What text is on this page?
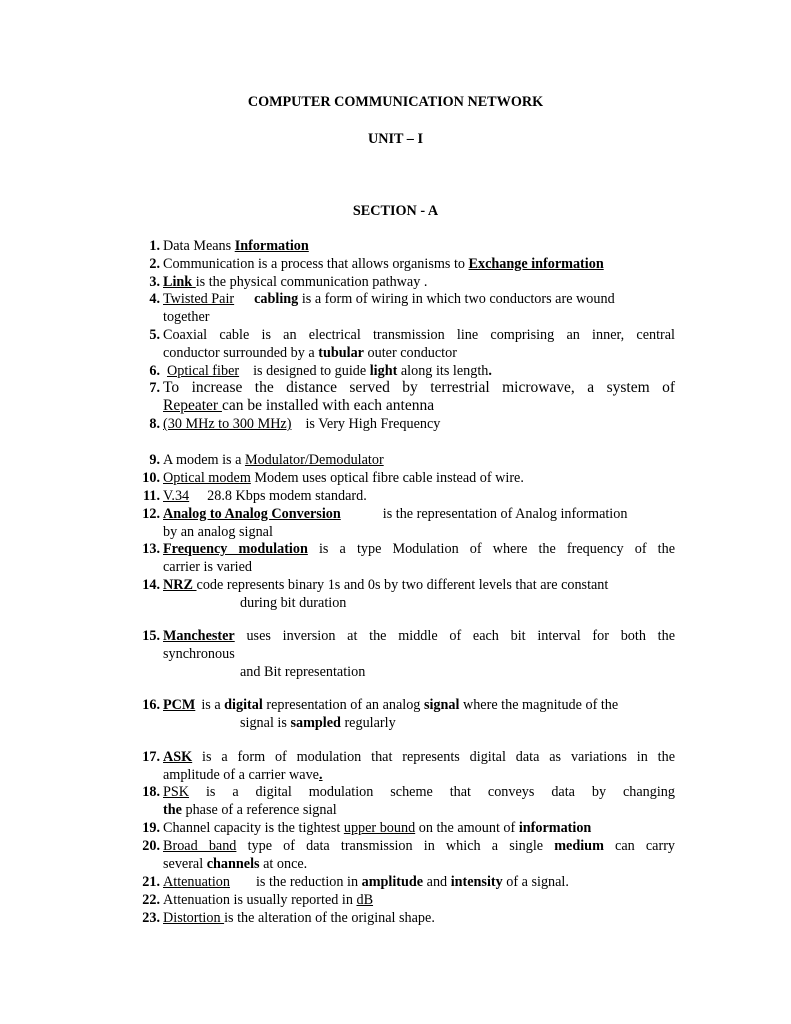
COMPUTER COMMUNICATION NETWORK
UNIT – I
SECTION - A
1. Data Means Information
2. Communication is a process that allows organisms to Exchange information
3. Link is the physical communication pathway .
4. Twisted Pair cabling is a form of wiring in which two conductors are wound
together
5. Coaxial cable is an electrical transmission line comprising an inner, central
conductor surrounded by a tubular outer conductor
6. Optical fiber is designed to guide light along its length.
7. To increase the distance served by terrestrial microwave, a system of
Repeater can be installed with each antenna
8. (30 MHz to 300 MHz) is Very High Frequency
9. A modem is a Modulator/Demodulator
10. Optical modem Modem uses optical fibre cable instead of wire.
11. V.34 28.8 Kbps modem standard.
12. Analog to Analog Conversion	is the representation of Analog information
by an analog signal
13. Frequency modulation is a type Modulation of where the frequency of the
carrier is varied
14. NRZ code represents binary 1s and 0s by two different levels that are constant
during bit duration
15. Manchester uses inversion at the middle of each bit interval for both the
synchronous
and Bit representation
16. PCM is a digital representation of an analog signal where the magnitude of the
signal is sampled regularly
17. ASK is a form of modulation that represents digital data as variations in the
amplitude of a carrier wave.
18. PSK is a digital modulation scheme that conveys data by changing
the phase of a reference signal
19. Channel capacity is the tightest upper bound on the amount of information
20. Broad band type of data transmission in which a single medium can carry
several channels at once.
21. Attenuation is the reduction in amplitude and intensity of a signal.
22. Attenuation is usually reported in dB
23. Distortion is the alteration of the original shape.
